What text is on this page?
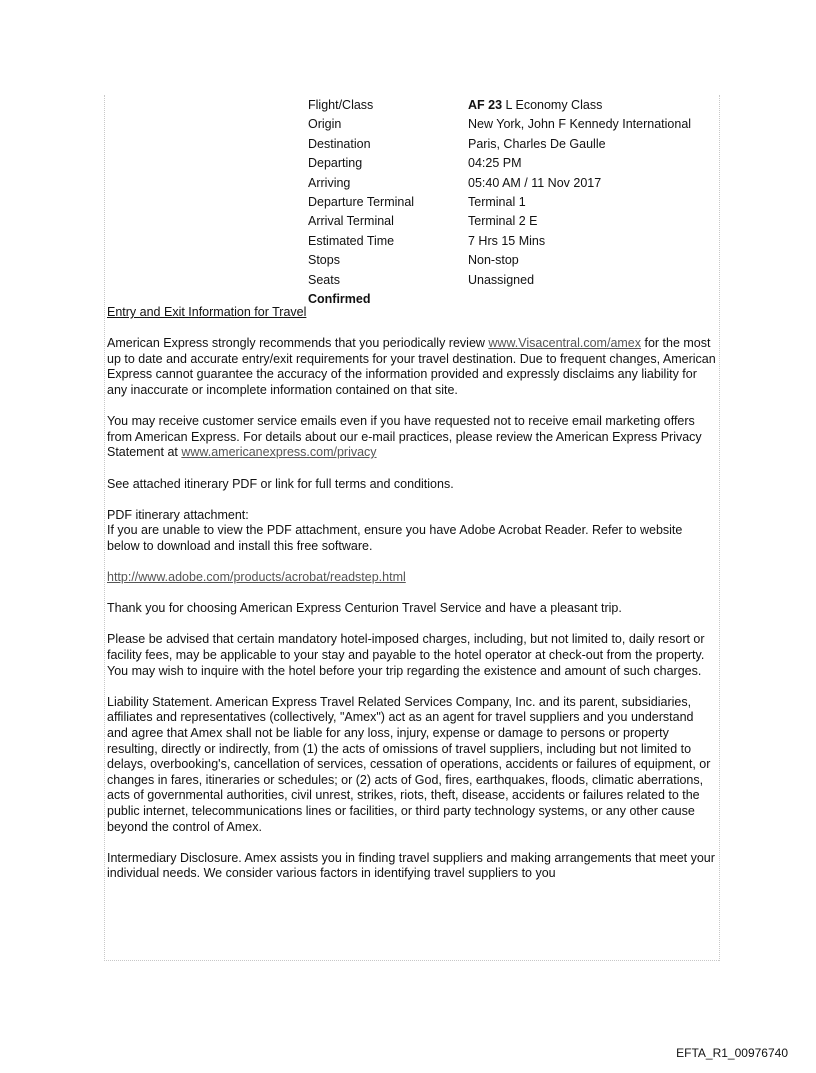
Flight/Class	AF 23 L Economy Class
Origin	New York, John F Kennedy International
Destination	Paris, Charles De Gaulle
Departing	04:25 PM
Arriving	05:40 AM / 11 Nov 2017
Departure Terminal	Terminal 1
Arrival Terminal	Terminal 2 E
Estimated Time	7 Hrs 15 Mins
Stops	Non-stop
Seats	Unassigned
Confirmed	

Entry and Exit Information for Travel

American Express strongly recommends that you periodically review www.Visacentral.com/amex for the most up to date and accurate entry/exit requirements for your travel destination. Due to frequent changes, American Express cannot guarantee the accuracy of the information provided and expressly disclaims any liability for any inaccurate or incomplete information contained on that site.

You may receive customer service emails even if you have requested not to receive email marketing offers from American Express. For details about our e-mail practices, please review the American Express Privacy Statement at www.americanexpress.com/privacy

See attached itinerary PDF or link for full terms and conditions.

PDF itinerary attachment:

If you are unable to view the PDF attachment, ensure you have Adobe Acrobat Reader. Refer to website below to download and install this free software.

http://www.adobe.com/products/acrobat/readstep.html

Thank you for choosing American Express Centurion Travel Service and have a pleasant trip.

Please be advised that certain mandatory hotel-imposed charges, including, but not limited to, daily resort or facility fees, may be applicable to your stay and payable to the hotel operator at check-out from the property. You may wish to inquire with the hotel before your trip regarding the existence and amount of such charges.

Liability Statement. American Express Travel Related Services Company, Inc. and its parent, subsidiaries, affiliates and representatives (collectively, "Amex") act as an agent for travel suppliers and you understand and agree that Amex shall not be liable for any loss, injury, expense or damage to persons or property resulting, directly or indirectly, from (1) the acts of omissions of travel suppliers, including but not limited to delays, overbooking's, cancellation of services, cessation of operations, accidents or failures of equipment, or changes in fares, itineraries or schedules; or (2) acts of God, fires, earthquakes, floods, climatic aberrations, acts of governmental authorities, civil unrest, strikes, riots, theft, disease, accidents or failures related to the public internet, telecommunications lines or facilities, or third party technology systems, or any other cause beyond the control of Amex.

Intermediary Disclosure. Amex assists you in finding travel suppliers and making arrangements that meet your individual needs. We consider various factors in identifying travel suppliers to you

EFTA_R1_00976740
